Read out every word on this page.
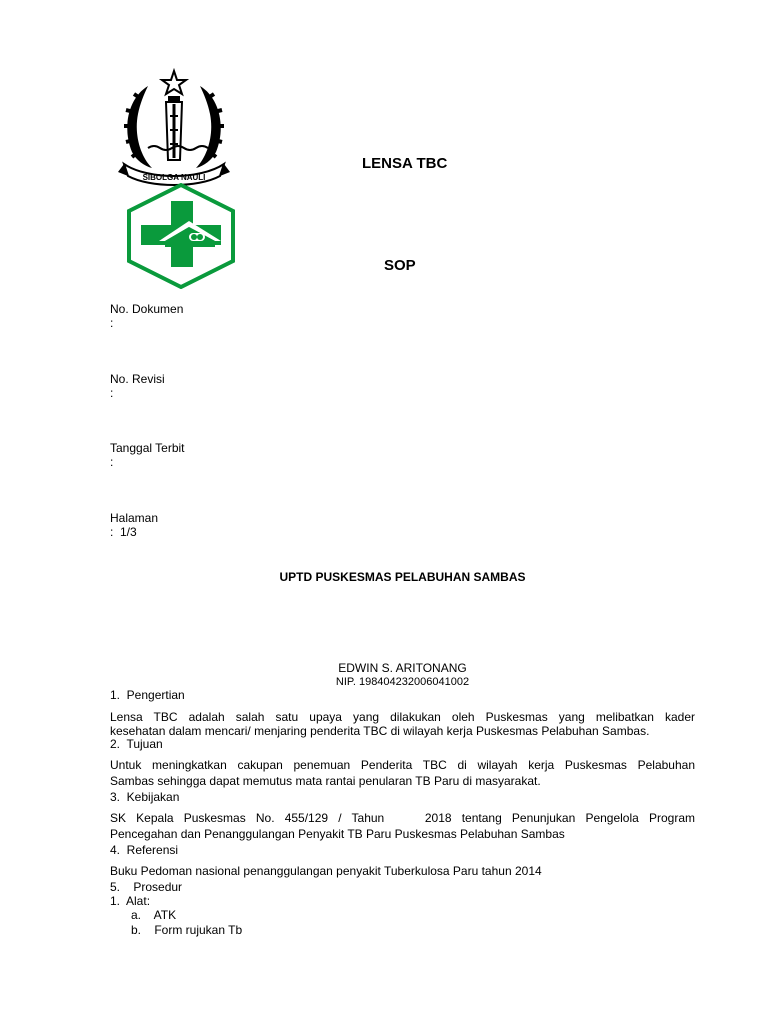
SIBOLGA NAULI
LENSA TBC
SOP
No. Dokumen
:
No. Revisi
:
Tanggal Terbit
:
Halaman
:  1/3
UPTD PUSKESMAS PELABUHAN SAMBAS
EDWIN S. ARITONANG
NIP. 198404232006041002
1.  Pengertian
Lensa TBC adalah salah satu upaya yang dilakukan oleh Puskesmas yang melibatkan kader
kesehatan dalam mencari/ menjaring penderita TBC di wilayah kerja Puskesmas Pelabuhan Sambas.
2.  Tujuan
Untuk meningkatkan cakupan penemuan Penderita TBC di wilayah kerja Puskesmas Pelabuhan
Sambas sehingga dapat memutus mata rantai penularan TB Paru di masyarakat.
3.  Kebijakan
SK Kepala Puskesmas No. 455/129 / Tahun    2018 tentang Penunjukan Pengelola Program
Pencegahan dan Penanggulangan Penyakit TB Paru Puskesmas Pelabuhan Sambas
4.  Referensi
Buku Pedoman nasional penanggulangan penyakit Tuberkulosa Paru tahun 2014
5.    Prosedur
1.  Alat:
a.    ATK
b.    Form rujukan Tb
